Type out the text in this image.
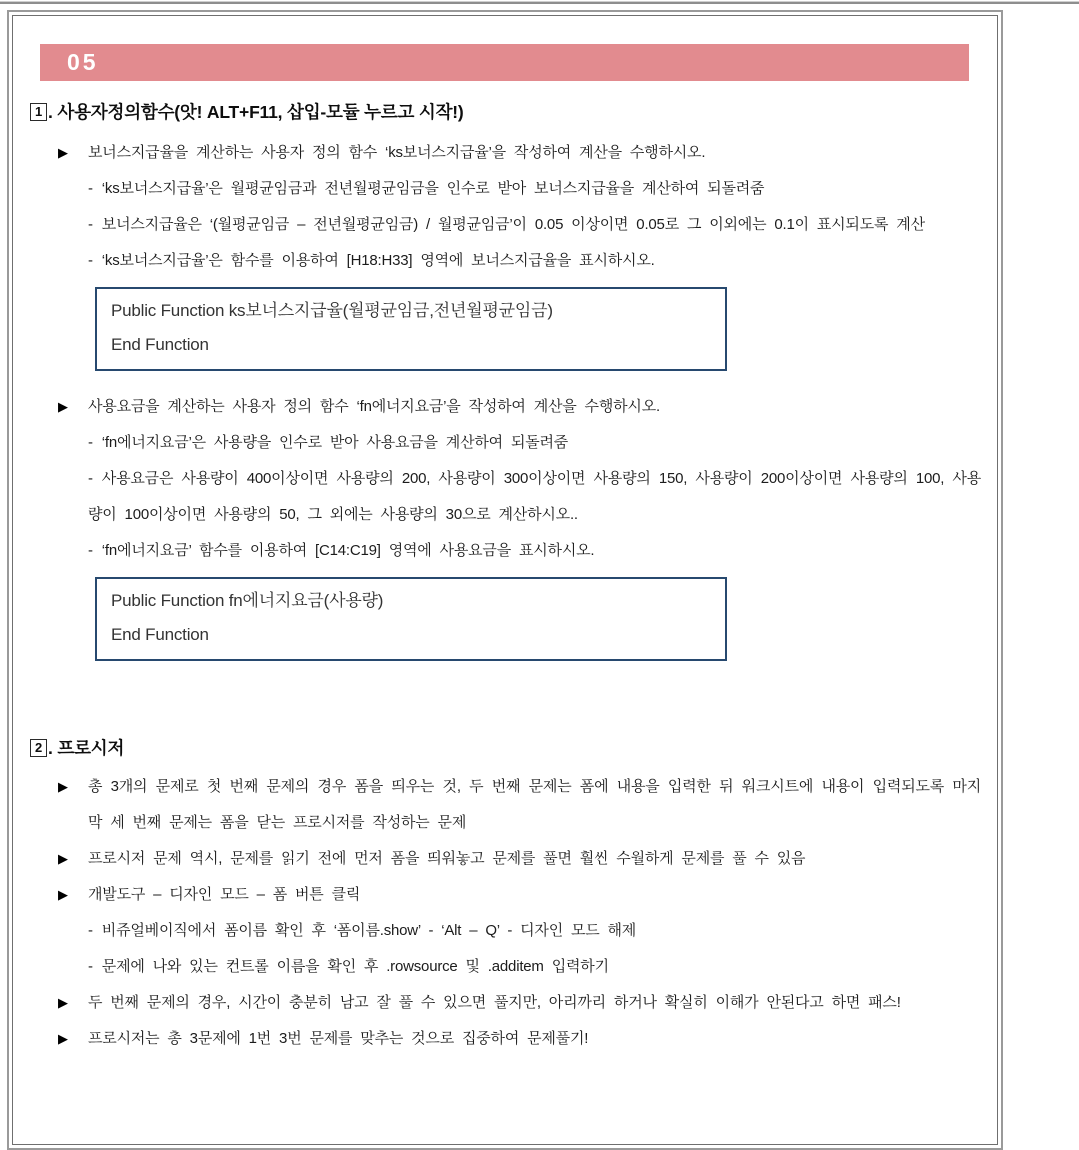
05
1 . 사용자정의함수(앗! ALT+F11, 삽입-모듈 누르고 시작!)
▶ 보너스지급율을 계산하는 사용자 정의 함수 ‘ks보너스지급율’을 작성하여 계산을 수행하시오.
- ‘ks보너스지급율’은 월평균임금과 전년월평균임금을 인수로 받아 보너스지급율을 계산하여 되돌려줌
- 보너스지급율은 ‘(월평균임금 – 전년월평균임금) / 월평균임금’이 0.05 이상이면 0.05로 그 이외에는 0.1이 표시되도록 계산
- ‘ks보너스지급율’은 함수를 이용하여 [H18:H33] 영역에 보너스지급율을 표시하시오.
Public Function ks보너스지급율(월평균임금,전년월평균임금)
End Function
▶ 사용요금을 계산하는 사용자 정의 함수 ‘fn에너지요금’을 작성하여 계산을 수행하시오.
- ‘fn에너지요금’은 사용량을 인수로 받아 사용요금을 계산하여 되돌려줌
- 사용요금은 사용량이 400이상이면 사용량의 200, 사용량이 300이상이면 사용량의 150, 사용량이 200이상이면 사용량의 100, 사용량이 100이상이면 사용량의 50, 그 외에는 사용량의 30으로 계산하시오..
- ‘fn에너지요금’ 함수를 이용하여 [C14:C19] 영역에 사용요금을 표시하시오.
Public Function fn에너지요금(사용량)
End Function
2 . 프로시저
▶ 총 3개의 문제로 첫 번째 문제의 경우 폼을 띄우는 것, 두 번째 문제는 폼에 내용을 입력한 뒤 워크시트에 내용이 입력되도록 마지막 세 번째 문제는 폼을 닫는 프로시저를 작성하는 문제
▶ 프로시저 문제 역시, 문제를 읽기 전에 먼저 폼을 띄워놓고 문제를 풀면 훨씬 수월하게 문제를 풀 수 있음
▶ 개발도구 – 디자인 모드 – 폼 버튼 클릭
- 비쥬얼베이직에서 폼이름 확인 후 ‘폼이름.show’ - ‘Alt – Q’ - 디자인 모드 해제
- 문제에 나와 있는 컨트롤 이름을 확인 후 .rowsource 및 .additem 입력하기
▶ 두 번째 문제의 경우, 시간이 충분히 남고 잘 풀 수 있으면 풀지만, 아리까리 하거나 확실히 이해가 안된다고 하면 패스!
▶ 프로시저는 총 3문제에 1번 3번 문제를 맞추는 것으로 집중하여 문제풀기!
